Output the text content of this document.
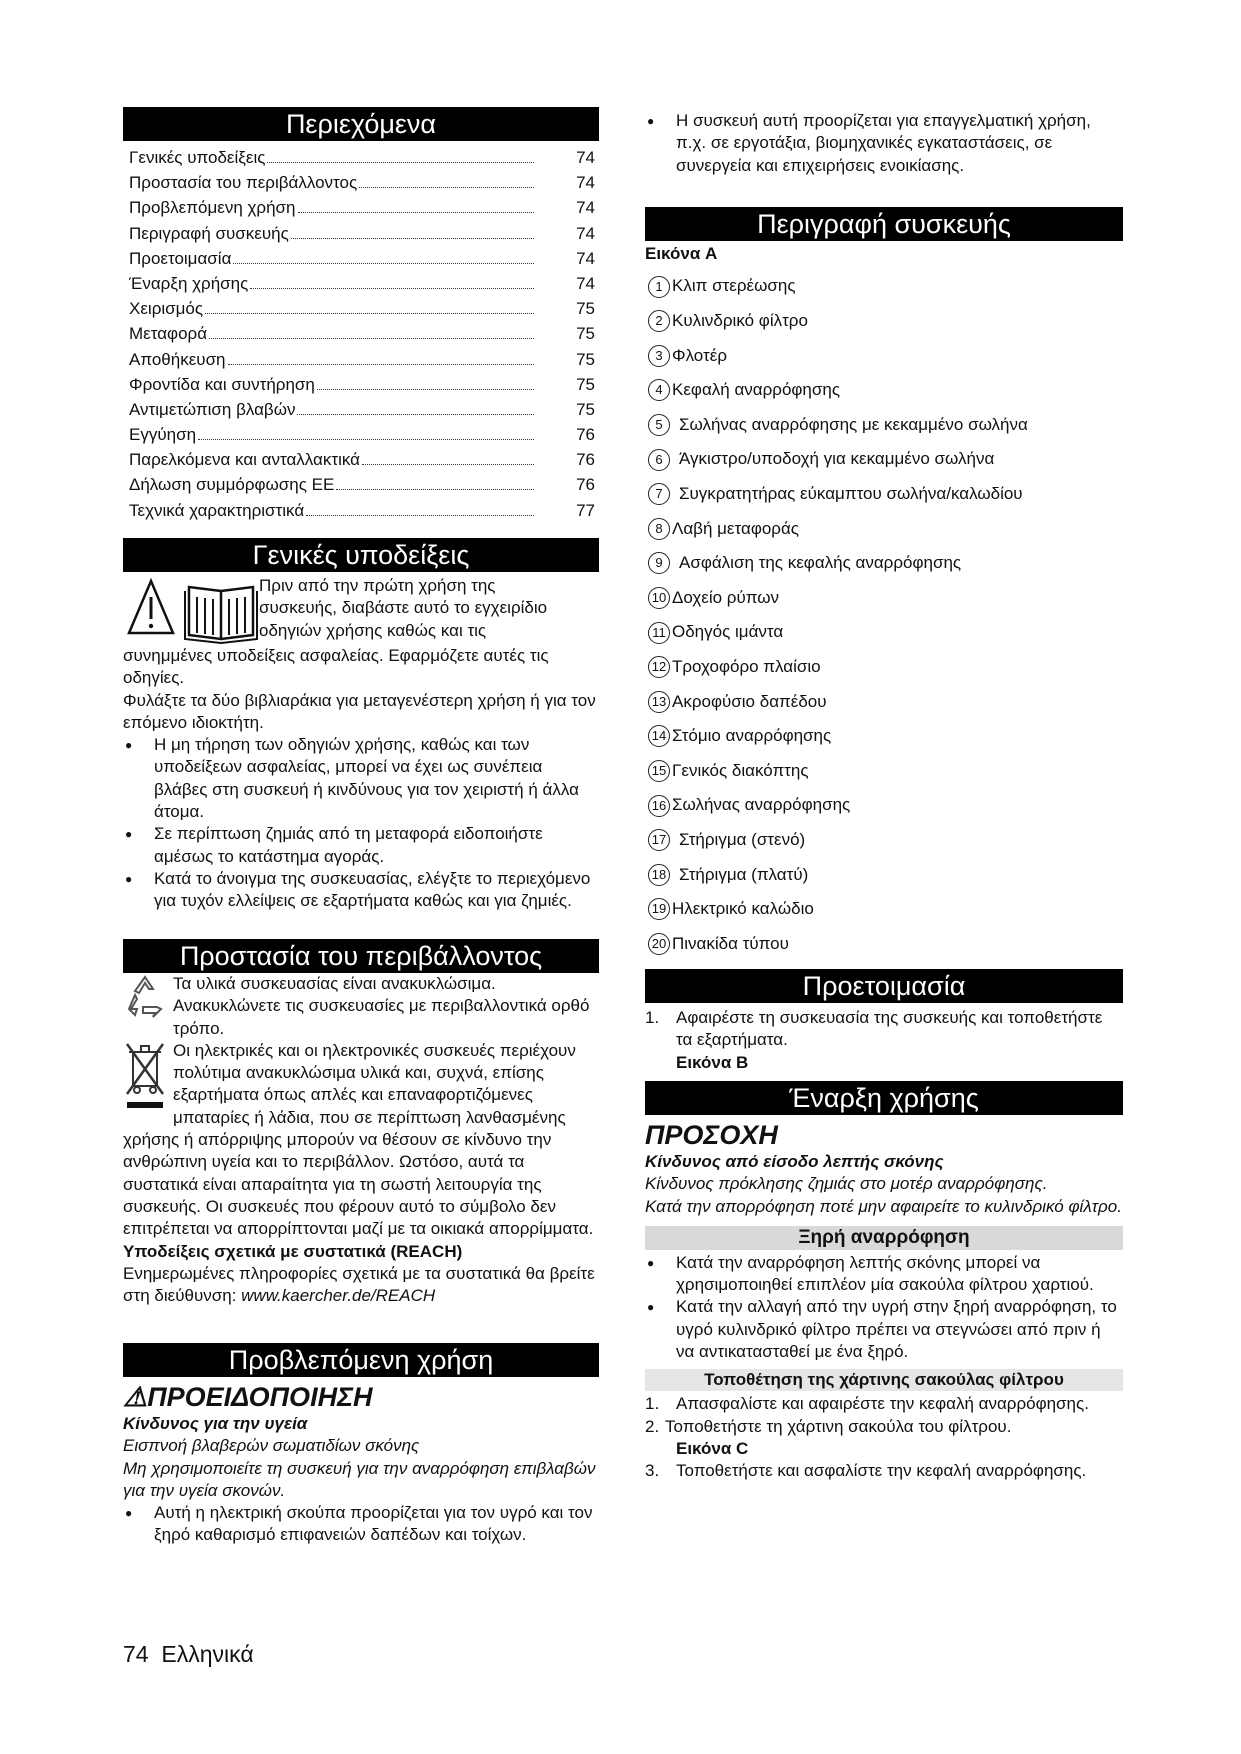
Περιεχόμενα
Γενικές υποδείξεις	74
Προστασία του περιβάλλοντος	74
Προβλεπόμενη χρήση	74
Περιγραφή συσκευής	74
Προετοιμασία	74
Έναρξη χρήσης	74
Χειρισμός	75
Μεταφορά	75
Αποθήκευση	75
Φροντίδα και συντήρηση	75
Αντιμετώπιση βλαβών	75
Εγγύηση	76
Παρελκόμενα και ανταλλακτικά	76
Δήλωση συμμόρφωσης ΕΕ	76
Τεχνικά χαρακτηριστικά	77
Γενικές υποδείξεις

Πριν από την πρώτη χρήση της

συσκευής, διαβάστε αυτό το εγχειρίδιο

οδηγιών χρήσης καθώς και τις

συνημμένες υποδείξεις ασφαλείας. Εφαρμόζετε αυτές τις οδηγίες.

Φυλάξτε τα δύο βιβλιαράκια για μεταγενέστερη χρήση ή για τον επόμενο ιδιοκτήτη.

● Η μη τήρηση των οδηγιών χρήσης, καθώς και των υποδείξεων ασφαλείας, μπορεί να έχει ως συνέπεια βλάβες στη συσκευή ή κινδύνους για τον χειριστή ή άλλα άτομα.

● Σε περίπτωση ζημιάς από τη μεταφορά ειδοποιήστε αμέσως το κατάστημα αγοράς.

● Κατά το άνοιγμα της συσκευασίας, ελέγξτε το περιεχόμενο για τυχόν ελλείψεις σε εξαρτήματα καθώς και για ζημιές.

Προστασία του περιβάλλοντος

Τα υλικά συσκευασίας είναι ανακυκλώσιμα. Ανακυκλώνετε τις συσκευασίες με περιβαλλοντικά ορθό τρόπο.

Οι ηλεκτρικές και οι ηλεκτρονικές συσκευές περιέχουν πολύτιμα ανακυκλώσιμα υλικά και, συχνά, επίσης εξαρτήματα όπως απλές και επαναφορτιζόμενες μπαταρίες ή λάδια, που σε περίπτωση λανθασμένης χρήσης ή απόρριψης μπορούν να θέσουν σε κίνδυνο την ανθρώπινη υγεία και το περιβάλλον. Ωστόσο, αυτά τα συστατικά είναι απαραίτητα για τη σωστή λειτουργία της συσκευής. Οι συσκευές που φέρουν αυτό το σύμβολο δεν επιτρέπεται να απορρίπτονται μαζί με τα οικιακά απορρίμματα.

Υποδείξεις σχετικά με συστατικά (REACH)

Ενημερωμένες πληροφορίες σχετικά με τα συστατικά θα βρείτε στη διεύθυνση: www.kaercher.de/REACH

Προβλεπόμενη χρήση

⚠ΠΡΟΕΙΔΟΠΟΙΗΣΗ

Κίνδυνος για την υγεία

Εισπνοή βλαβερών σωματιδίων σκόνης

Μη χρησιμοποιείτε τη συσκευή για την αναρρόφηση επιβλαβών για την υγεία σκονών.

● Αυτή η ηλεκτρική σκούπα προορίζεται για τον υγρό και τον ξηρό καθαρισμό επιφανειών δαπέδων και τοίχων.

● Η συσκευή αυτή προορίζεται για επαγγελματική χρήση, π.χ. σε εργοτάξια, βιομηχανικές εγκαταστάσεις, σε συνεργεία και επιχειρήσεις ενοικίασης.

Περιγραφή συσκευής

Εικόνα A

1 Κλιπ στερέωσης
2 Κυλινδρικό φίλτρο
3 Φλοτέρ
4 Κεφαλή αναρρόφησης
5 Σωλήνας αναρρόφησης με κεκαμμένο σωλήνα
6 Άγκιστρο/υποδοχή για κεκαμμένο σωλήνα
7 Συγκρατητήρας εύκαμπτου σωλήνα/καλωδίου
8 Λαβή μεταφοράς
9 Ασφάλιση της κεφαλής αναρρόφησης
10 Δοχείο ρύπων
11 Οδηγός ιμάντα
12 Τροχοφόρο πλαίσιο
13 Ακροφύσιο δαπέδου
14 Στόμιο αναρρόφησης
15 Γενικός διακόπτης
16 Σωλήνας αναρρόφησης
17 Στήριγμα (στενό)
18 Στήριγμα (πλατύ)
19 Ηλεκτρικό καλώδιο
20 Πινακίδα τύπου
Προετοιμασία

1. Αφαιρέστε τη συσκευασία της συσκευής και τοποθετήστε τα εξαρτήματα.

Εικόνα B

Έναρξη χρήσης

ΠΡΟΣΟΧΗ

Κίνδυνος από είσοδο λεπτής σκόνης

Κίνδυνος πρόκλησης ζημιάς στο μοτέρ αναρρόφησης.

Κατά την απορρόφηση ποτέ μην αφαιρείτε το κυλινδρικό φίλτρο.

Ξηρή αναρρόφηση

● Κατά την αναρρόφηση λεπτής σκόνης μπορεί να χρησιμοποιηθεί επιπλέον μία σακούλα φίλτρου χαρτιού.

● Κατά την αλλαγή από την υγρή στην ξηρή αναρρόφηση, το υγρό κυλινδρικό φίλτρο πρέπει να στεγνώσει από πριν ή να αντικατασταθεί με ένα ξηρό.

Τοποθέτηση της χάρτινης σακούλας φίλτρου

1. Απασφαλίστε και αφαιρέστε την κεφαλή αναρρόφησης.

2. Τοποθετήστε τη χάρτινη σακούλα του φίλτρου.

Εικόνα C

3. Τοποθετήστε και ασφαλίστε την κεφαλή αναρρόφησης.

74 Ελληνικά
